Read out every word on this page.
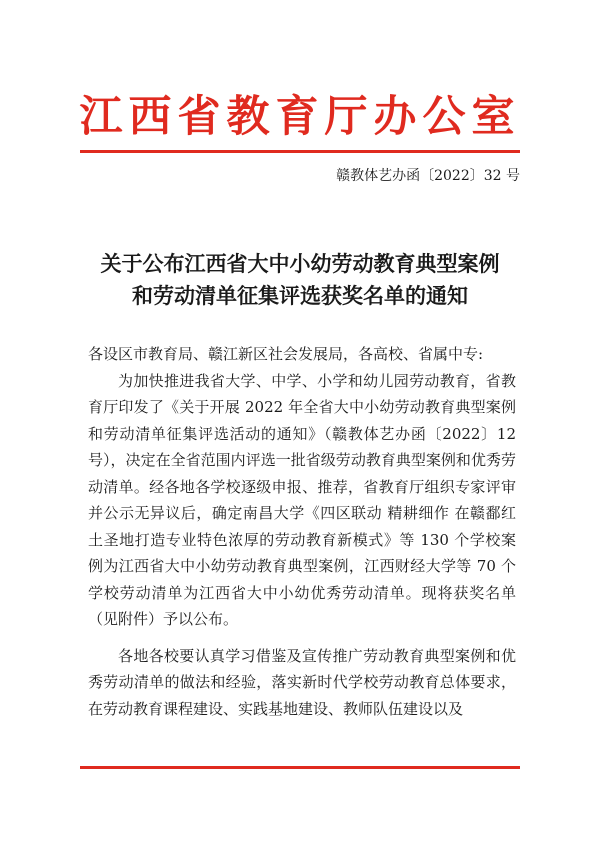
江西省教育厅办公室
赣教体艺办函〔2022〕32 号
关于公布江西省大中小幼劳动教育典型案例
和劳动清单征集评选获奖名单的通知
各设区市教育局、赣江新区社会发展局，各高校、省属中专:

为加快推进我省大学、中学、小学和幼儿园劳动教育，省教育厅印发了《关于开展 2022 年全省大中小幼劳动教育典型案例和劳动清单征集评选活动的通知》（赣教体艺办函〔2022〕12 号），决定在全省范围内评选一批省级劳动教育典型案例和优秀劳动清单。经各地各学校逐级申报、推荐，省教育厅组织专家评审并公示无异议后，确定南昌大学《四区联动 精耕细作 在赣鄱红土圣地打造专业特色浓厚的劳动教育新模式》等 130 个学校案例为江西省大中小幼劳动教育典型案例，江西财经大学等 70 个学校劳动清单为江西省大中小幼优秀劳动清单。现将获奖名单（见附件）予以公布。

各地各校要认真学习借鉴及宣传推广劳动教育典型案例和优秀劳动清单的做法和经验，落实新时代学校劳动教育总体要求，在劳动教育课程建设、实践基地建设、教师队伍建设以及
